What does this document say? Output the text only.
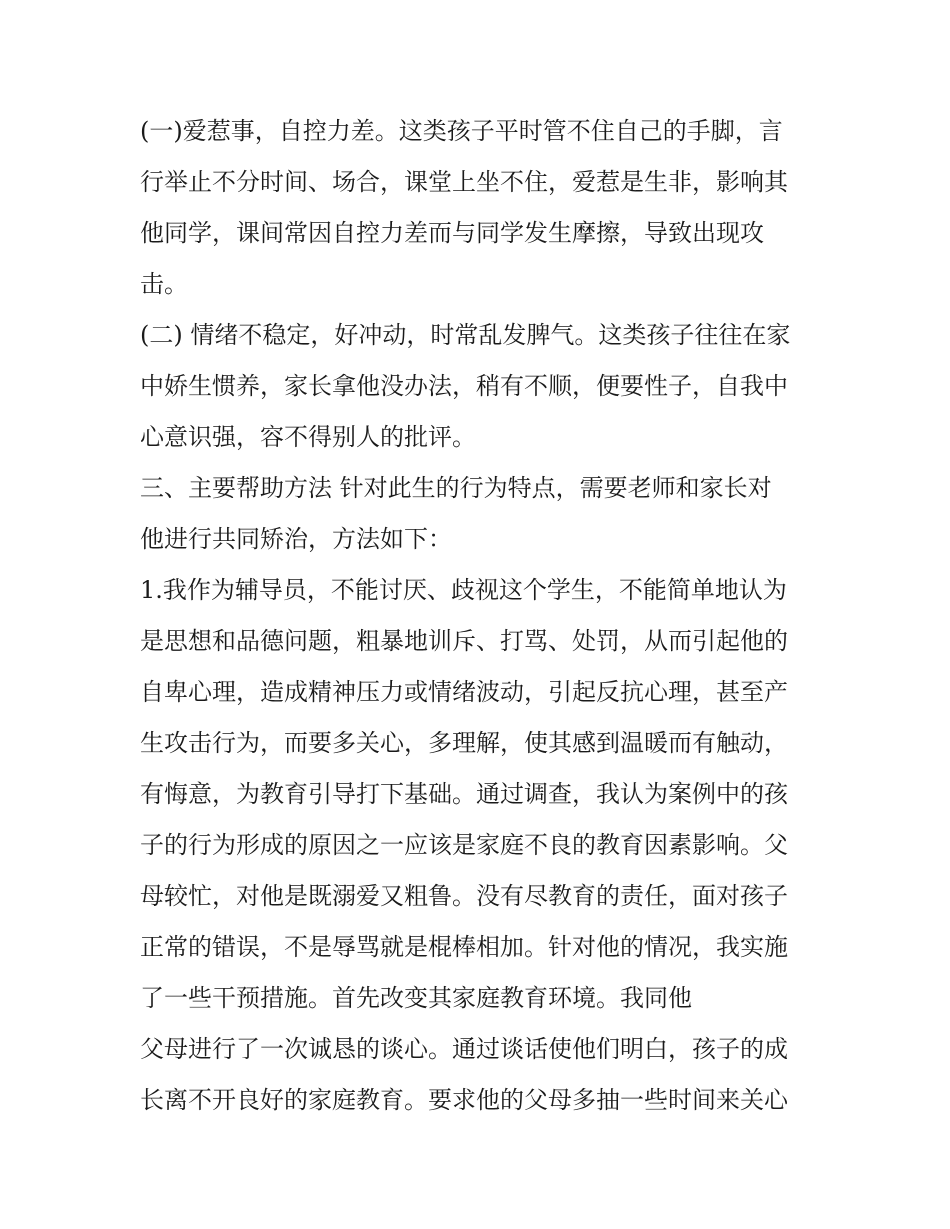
(一)爱惹事，自控力差。这类孩子平时管不住自己的手脚，言
行举止不分时间、场合，课堂上坐不住，爱惹是生非，影响其
他同学，课间常因自控力差而与同学发生摩擦，导致出现攻
击。
(二) 情绪不稳定，好冲动，时常乱发脾气。这类孩子往往在家
中娇生惯养，家长拿他没办法，稍有不顺，便要性子，自我中
心意识强，容不得别人的批评。
三、主要帮助方法 针对此生的行为特点，需要老师和家长对
他进行共同矫治，方法如下：
1.我作为辅导员，不能讨厌、歧视这个学生，不能简单地认为
是思想和品德问题，粗暴地训斥、打骂、处罚，从而引起他的
自卑心理，造成精神压力或情绪波动，引起反抗心理，甚至产
生攻击行为，而要多关心，多理解，使其感到温暖而有触动，
有悔意，为教育引导打下基础。通过调查，我认为案例中的孩
子的行为形成的原因之一应该是家庭不良的教育因素影响。父
母较忙，对他是既溺爱又粗鲁。没有尽教育的责任，面对孩子
正常的错误，不是辱骂就是棍棒相加。针对他的情况，我实施
了一些干预措施。首先改变其家庭教育环境。我同他
父母进行了一次诚恳的谈心。通过谈话使他们明白，孩子的成
长离不开良好的家庭教育。要求他的父母多抽一些时间来关心
